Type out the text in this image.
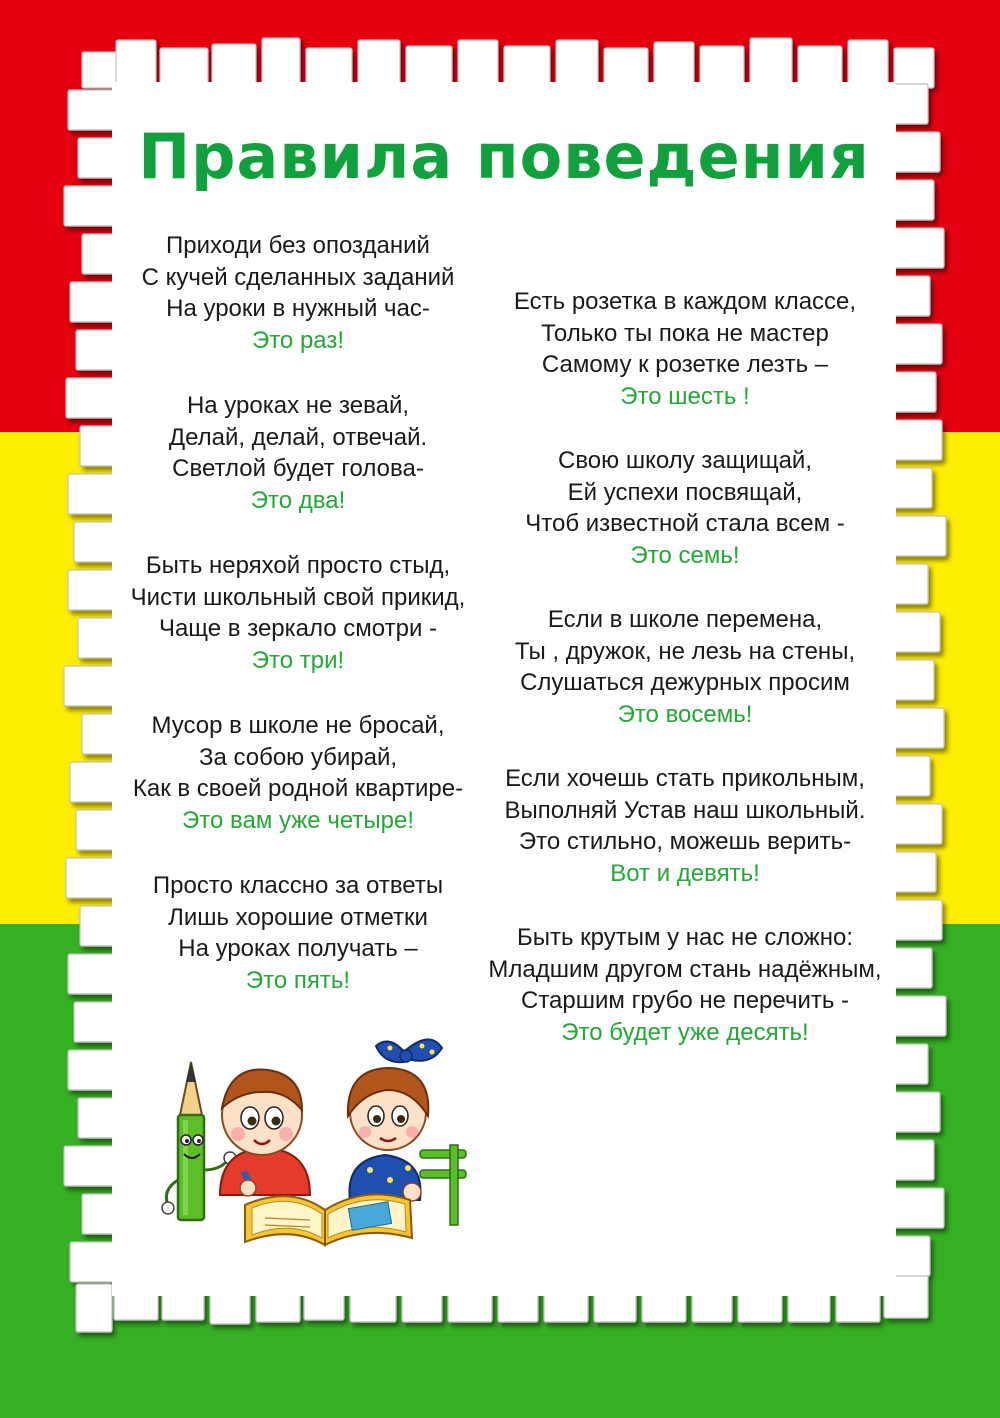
Правила поведения
Приходи без опозданий
С кучей сделанных заданий
На уроки в нужный час-
Это раз!
На уроках не зевай,
Делай, делай, отвечай.
Светлой будет голова-
Это два!
Быть неряхой просто стыд,
Чисти школьный свой прикид,
Чаще в зеркало смотри -
Это три!
Мусор в школе не бросай,
За собою убирай,
Как в своей родной квартире-
Это вам уже четыре!
Просто классно за ответы
Лишь хорошие отметки
На уроках получать –
Это пять!
Есть розетка в каждом классе,
Только ты пока не мастер
Самому к розетке лезть –
Это шесть !
Свою школу защищай,
Ей успехи посвящай,
Чтоб известной стала всем -
Это семь!
Если в школе перемена,
Ты , дружок, не лезь на стены,
Слушаться дежурных просим
Это восемь!
Если хочешь стать прикольным,
Выполняй Устав наш школьный.
Это стильно, можешь верить-
Вот и девять!
Быть крутым у нас не сложно:
Младшим другом стань надёжным,
Старшим грубо не перечить -
Это будет уже десять!
